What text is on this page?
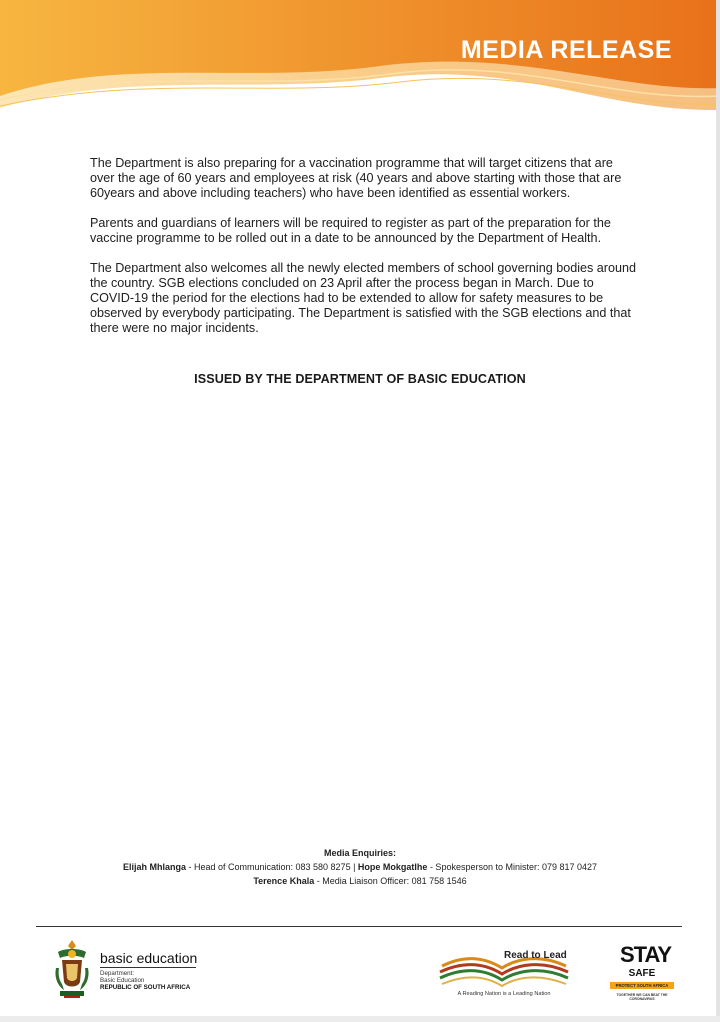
MEDIA RELEASE

The Department is also preparing for a vaccination programme that will target citizens that are over the age of 60 years and employees at risk (40 years and above starting with those that are 60years and above including teachers) who have been identified as essential workers.

Parents and guardians of learners will be required to register as part of the preparation for the vaccine programme to be rolled out in a date to be announced by the Department of Health.

The Department also welcomes all the newly elected members of school governing bodies around the country. SGB elections concluded on 23 April after the process began in March. Due to COVID-19 the period for the elections had to be extended to allow for safety measures to be observed by everybody participating. The Department is satisfied with the SGB elections and that there were no major incidents.

ISSUED BY THE DEPARTMENT OF BASIC EDUCATION
Media Enquiries:
Elijah Mhlanga - Head of Communication: 083 580 8275 | Hope Mokgatlhe - Spokesperson to Minister: 079 817 0427
Terence Khala - Media Liaison Officer: 081 758 1546
basic education
Department:
Basic Education
REPUBLIC OF SOUTH AFRICA
Read to Lead
A Reading Nation is a Leading Nation
STAY
SAFE
PROTECT SOUTH AFRICA
TOGETHER WE CAN BEAT THE CORONAVIRUS
